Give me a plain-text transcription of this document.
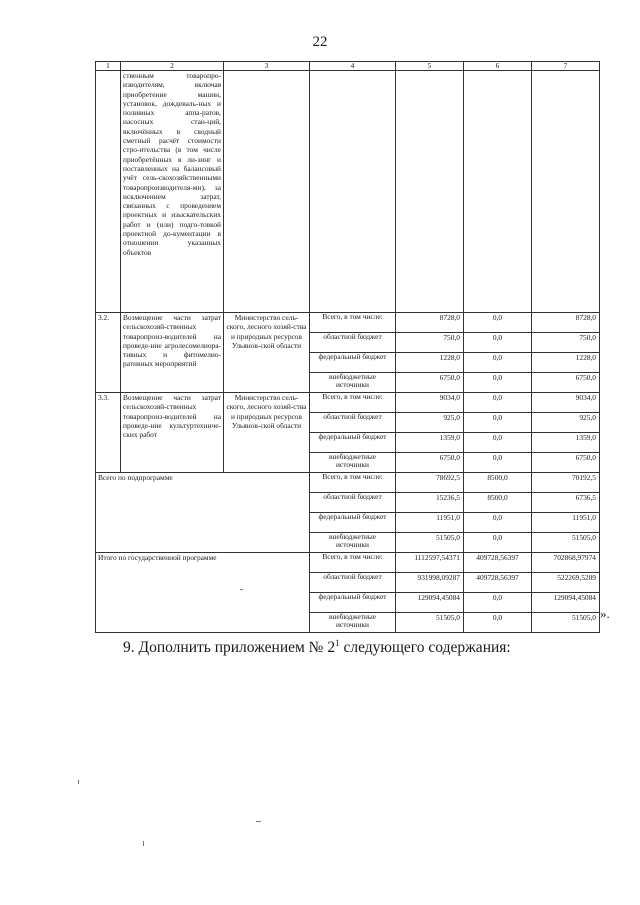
22
1	2	3	4	5	6	7
	ственным товаропро-изводителям, включая приобретение машин, установок, дождеваль-ных и поливных аппа-ратов, насосных стан-ций, включённых в сводный сметный расчёт стоимости стро-ительства (в том числе приобретённых в ли-зинг и поставленных на балансовый учёт сель-скохозяйственными товаропроизводителя-ми), за исключением затрат, связанных с проведением проектных и изыскательских работ и (или) подго-товкой проектной до-кументации в отношении указанных объектов					
3.2.	Возмещение части затрат сельскохозяй-ственных товаропроиз-водителей на проведе-ние агролесомелиора-тивных и фитомелио-ративных мероприятий	Министерство сель-ского, лесного хозяй-ства и природных ресурсов Ульянов-ской области	Всего, в том числе:	8728,0	0,0	8728,0
			областной бюджет	750,0	0,0	750,0
			федеральный бюджет	1228,0	0,0	1228,0
			внебюджетные источники	6750,0	0,0	6750,0
3.3.	Возмещение части затрат сельскохозяй-ственных товаропроиз-водителей на проведе-ние культуртехниче-ских работ	Министерство сель-ского, лесного хозяй-ства и природных ресурсов Ульянов-ской области	Всего, в том числе:	9034,0	0,0	9034,0
			областной бюджет	925,0	0,0	925,0
			федеральный бюджет	1359,0	0,0	1359,0
			внебюджетные источники	6750,0	0,0	6750,0
Всего по подпрограмме			Всего, в том числе:	78692,5	8500,0	70192,5
			областной бюджет	15236,5	8500,0	6736,5
			федеральный бюджет	11951,0	0,0	11951,0
			внебюджетные источники	51505,0	0,0	51505,0
Итого по государственной программе			Всего, в том числе:	1112597,54371	409728,56397	702868,97974
			областной бюджет	931998,09287	409728,56397	522269,5289
			федеральный бюджет	129094,45084	0,0	129094,45084
			внебюджетные источники	51505,0	0,0	51505,0 ».
9. Дополнить приложением № $2^1$ следующего содержания:
